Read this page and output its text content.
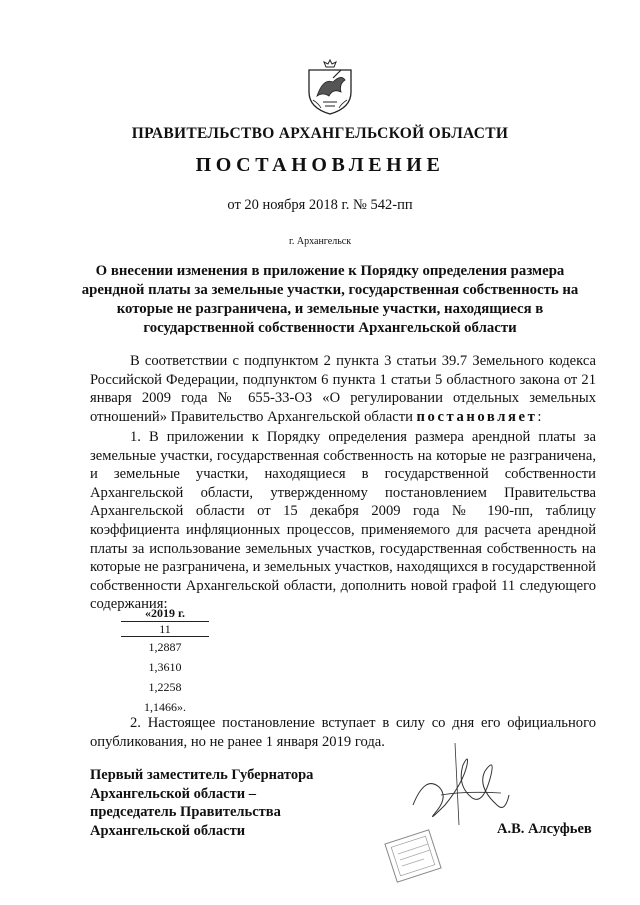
ПРАВИТЕЛЬСТВО АРХАНГЕЛЬСКОЙ ОБЛАСТИ
ПОСТАНОВЛЕНИЕ
от 20 ноября 2018 г. № 542-пп
г. Архангельск
О внесении изменения в приложение к Порядку определения размера арендной платы за земельные участки, государственная собственность на которые не разграничена, и земельные участки, находящиеся в государственной собственности Архангельской области

В соответствии с подпунктом 2 пункта 3 статьи 39.7 Земельного кодекса Российской Федерации, подпунктом 6 пункта 1 статьи 5 областного закона от 21 января 2009 года № 655-33-ОЗ «О регулировании отдельных земельных отношений» Правительство Архангельской области постановляет:

1. В приложении к Порядку определения размера арендной платы за земельные участки, государственная собственность на которые не разграничена, и земельные участки, находящиеся в государственной собственности Архангельской области, утвержденному постановлением Правительства Архангельской области от 15 декабря 2009 года № 190-пп, таблицу коэффициента инфляционных процессов, применяемого для расчета арендной платы за использование земельных участков, государственная собственность на которые не разграничена, и земельных участков, находящихся в государственной собственности Архангельской области, дополнить новой графой 11 следующего содержания:

«2019 г.
11
1,2887
1,3610
1,2258
1,1466».

2. Настоящее постановление вступает в силу со дня его официального опубликования, но не ранее 1 января 2019 года.

Первый заместитель Губернатора
Архангельской области –
председатель Правительства
Архангельской области	А.В. Алсуфьев
